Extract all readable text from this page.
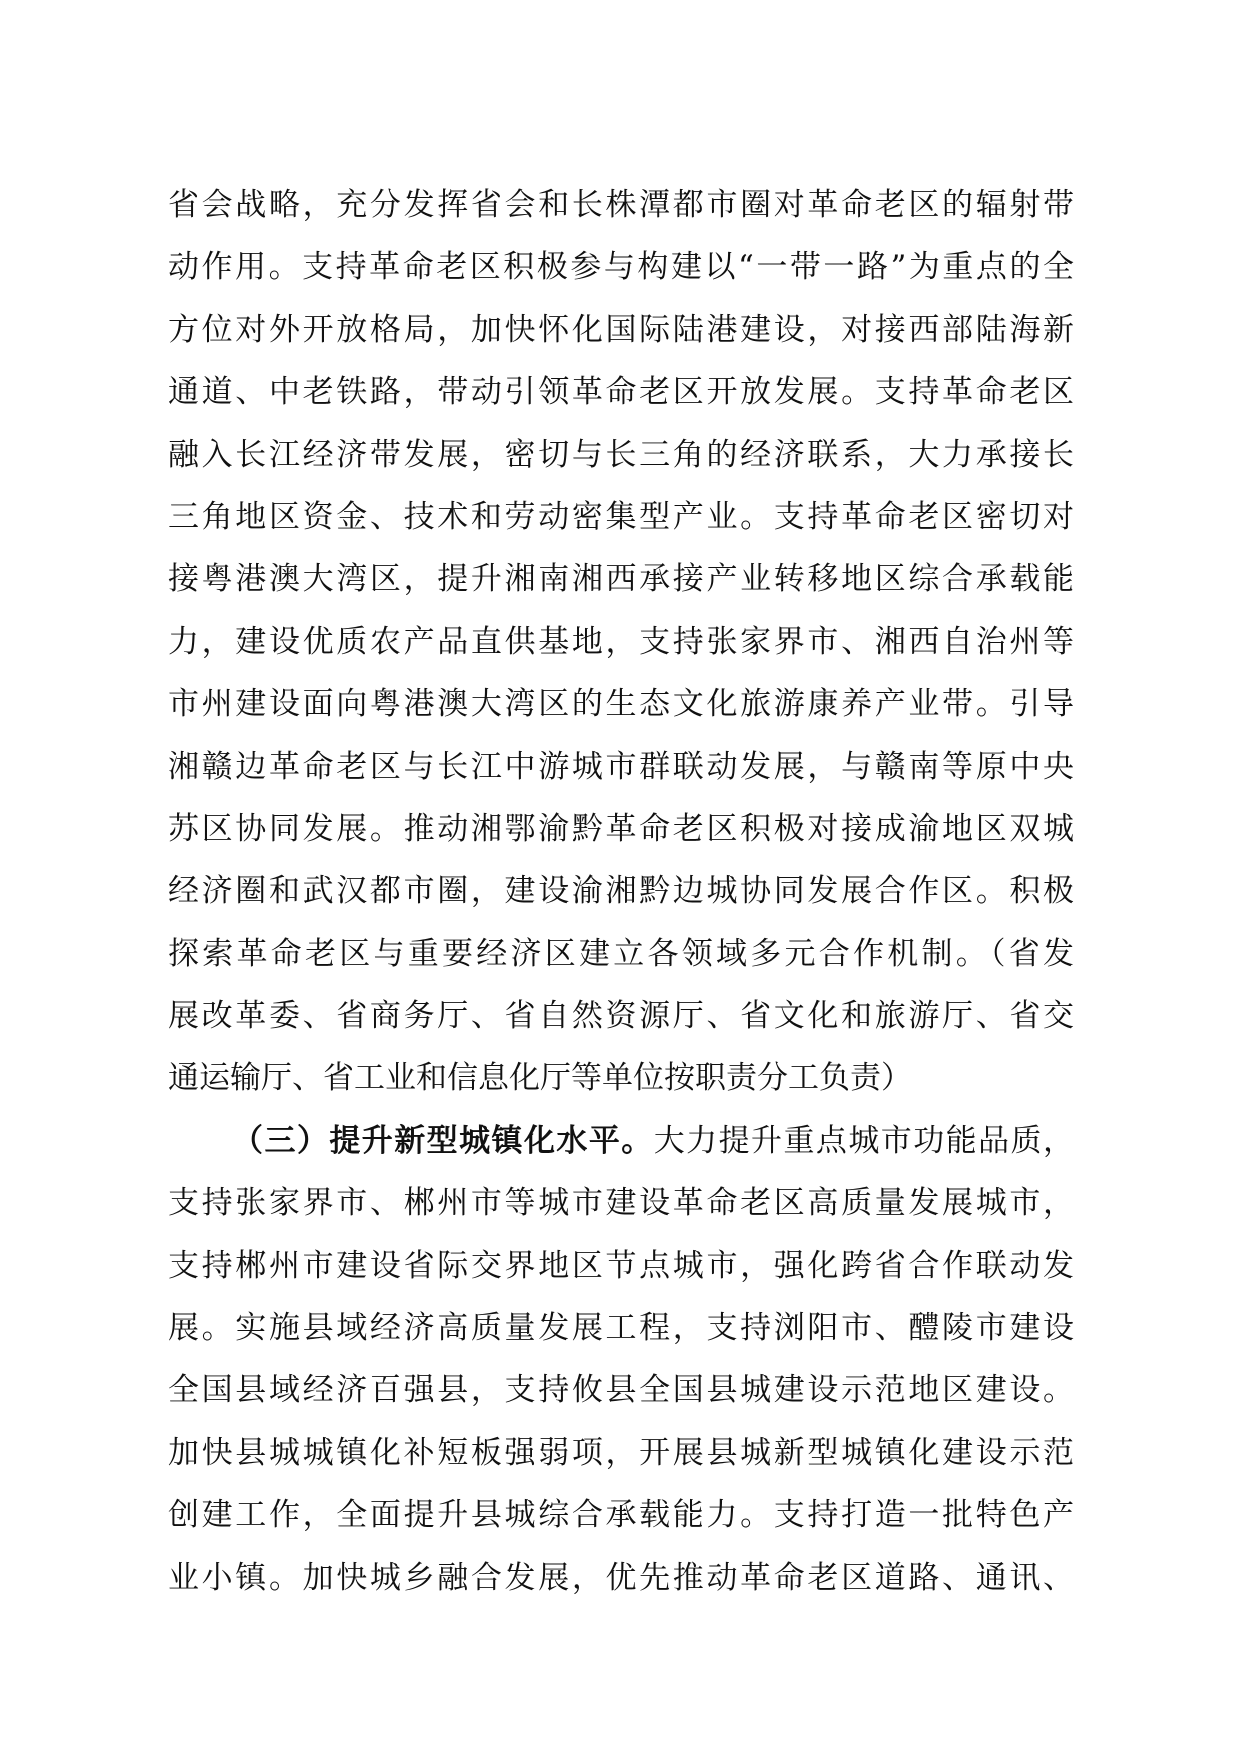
省会战略，充分发挥省会和长株潭都市圈对革命老区的辐射带
动作用。支持革命老区积极参与构建以“一带一路”为重点的全
方位对外开放格局，加快怀化国际陆港建设，对接西部陆海新
通道、中老铁路，带动引领革命老区开放发展。支持革命老区
融入长江经济带发展，密切与长三角的经济联系，大力承接长
三角地区资金、技术和劳动密集型产业。支持革命老区密切对
接粤港澳大湾区，提升湘南湘西承接产业转移地区综合承载能
力，建设优质农产品直供基地，支持张家界市、湘西自治州等
市州建设面向粤港澳大湾区的生态文化旅游康养产业带。引导
湘赣边革命老区与长江中游城市群联动发展，与赣南等原中央
苏区协同发展。推动湘鄂渝黔革命老区积极对接成渝地区双城
经济圈和武汉都市圈，建设渝湘黔边城协同发展合作区。积极
探索革命老区与重要经济区建立各领域多元合作机制。（省发
展改革委、省商务厅、省自然资源厅、省文化和旅游厅、省交
通运输厅、省工业和信息化厅等单位按职责分工负责）
（三）提升新型城镇化水平。大力提升重点城市功能品质，
支持张家界市、郴州市等城市建设革命老区高质量发展城市，
支持郴州市建设省际交界地区节点城市，强化跨省合作联动发
展。实施县域经济高质量发展工程，支持浏阳市、醴陵市建设
全国县域经济百强县，支持攸县全国县城建设示范地区建设。
加快县城城镇化补短板强弱项，开展县城新型城镇化建设示范
创建工作，全面提升县城综合承载能力。支持打造一批特色产
业小镇。加快城乡融合发展，优先推动革命老区道路、通讯、
